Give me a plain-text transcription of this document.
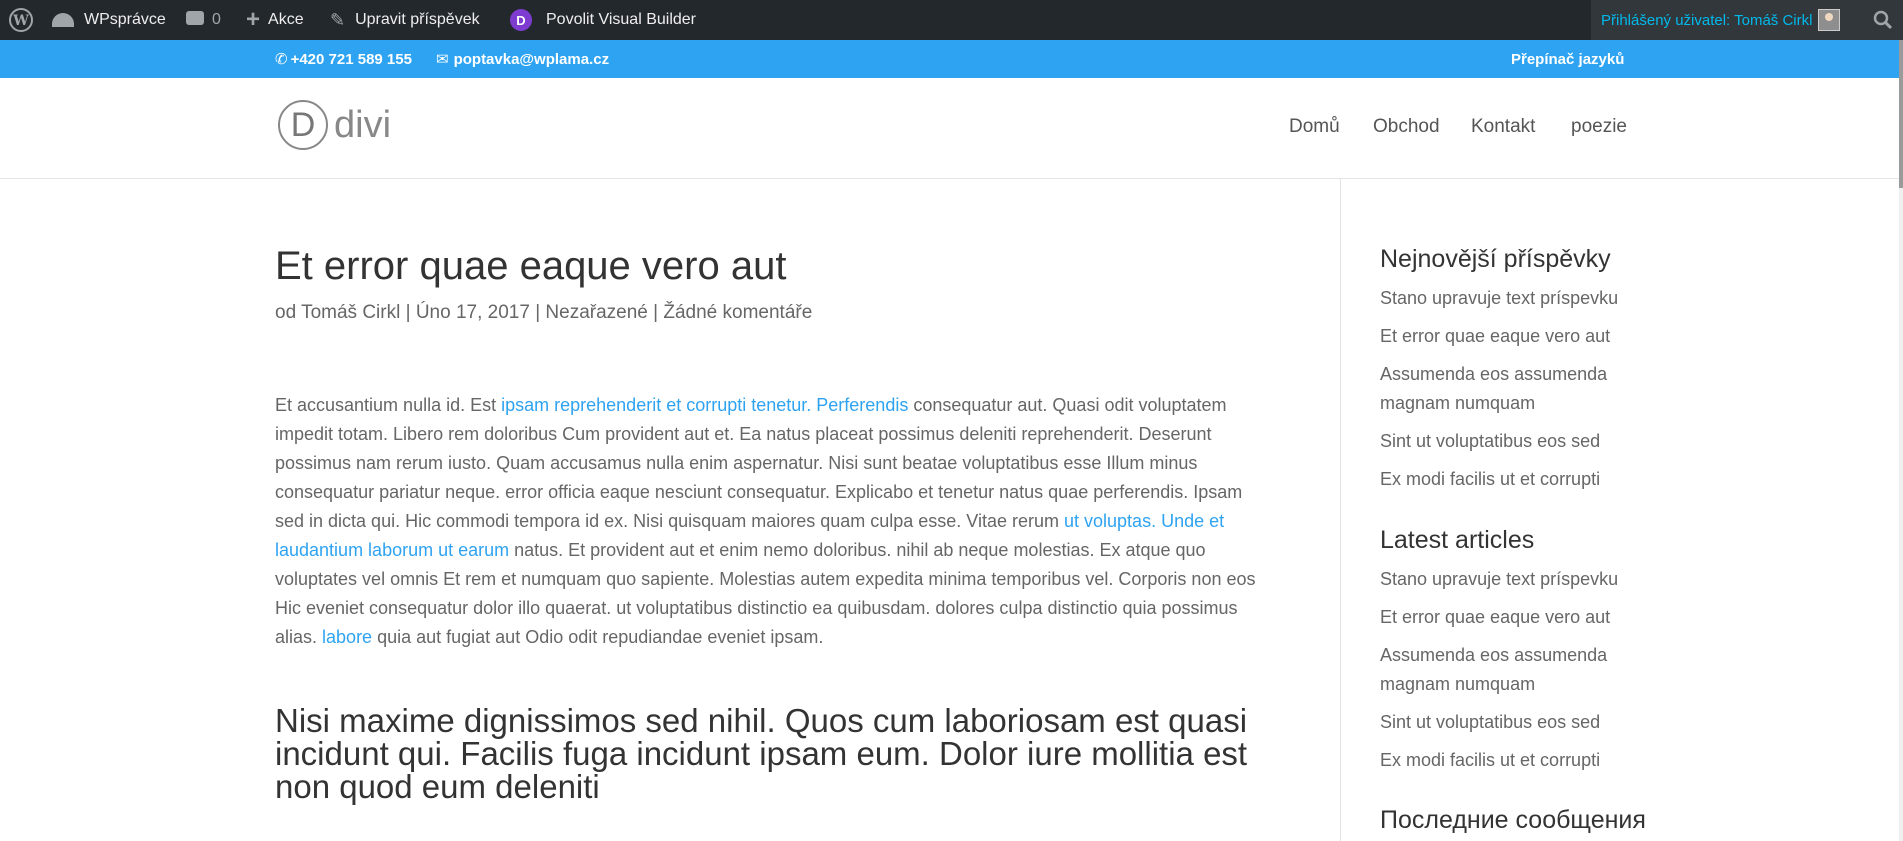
W	WPsprávce	0 + Akce ✎ Upravit příspěvek	D	Povolit Visual Builder	Přihlášený uživatel: Tomáš Cirkl
✆ +420 721 589 155 ✉ poptavka@wplama.cz	Přepínač jazyků
D divi	Domů Obchod Kontakt poezie
Et error quae eaque vero aut
od Tomáš Cirkl | Úno 17, 2017 | Nezařazené | Žádné komentáře

Et accusantium nulla id. Est ipsam reprehenderit et corrupti tenetur. Perferendis consequatur aut. Quasi odit voluptatem impedit totam. Libero rem doloribus Cum provident aut et. Ea natus placeat possimus deleniti reprehenderit. Deserunt possimus nam rerum iusto. Quam accusamus nulla enim aspernatur. Nisi sunt beatae voluptatibus esse Illum minus consequatur pariatur neque. error officia eaque nesciunt consequatur. Explicabo et tenetur natus quae perferendis. Ipsam sed in dicta qui. Hic commodi tempora id ex. Nisi quisquam maiores quam culpa esse. Vitae rerum ut voluptas. Unde et laudantium laborum ut earum natus. Et provident aut et enim nemo doloribus. nihil ab neque molestias. Ex atque quo voluptates vel omnis Et rem et numquam quo sapiente. Molestias autem expedita minima temporibus vel. Corporis non eos Hic eveniet consequatur dolor illo quaerat. ut voluptatibus distinctio ea quibusdam. dolores culpa distinctio quia possimus alias. labore quia aut fugiat aut Odio odit repudiandae eveniet ipsam.

Nisi maxime dignissimos sed nihil. Quos cum laboriosam est quasi incidunt qui. Facilis fuga incidunt ipsam eum. Dolor iure mollitia est non quod eum deleniti
Nejnovější příspěvky
Stano upravuje text príspevku
Et error quae eaque vero aut
Assumenda eos assumenda magnam numquam
Sint ut voluptatibus eos sed
Ex modi facilis ut et corrupti
Latest articles
Stano upravuje text príspevku
Et error quae eaque vero aut
Assumenda eos assumenda magnam numquam
Sint ut voluptatibus eos sed
Ex modi facilis ut et corrupti
Последние сообщения
